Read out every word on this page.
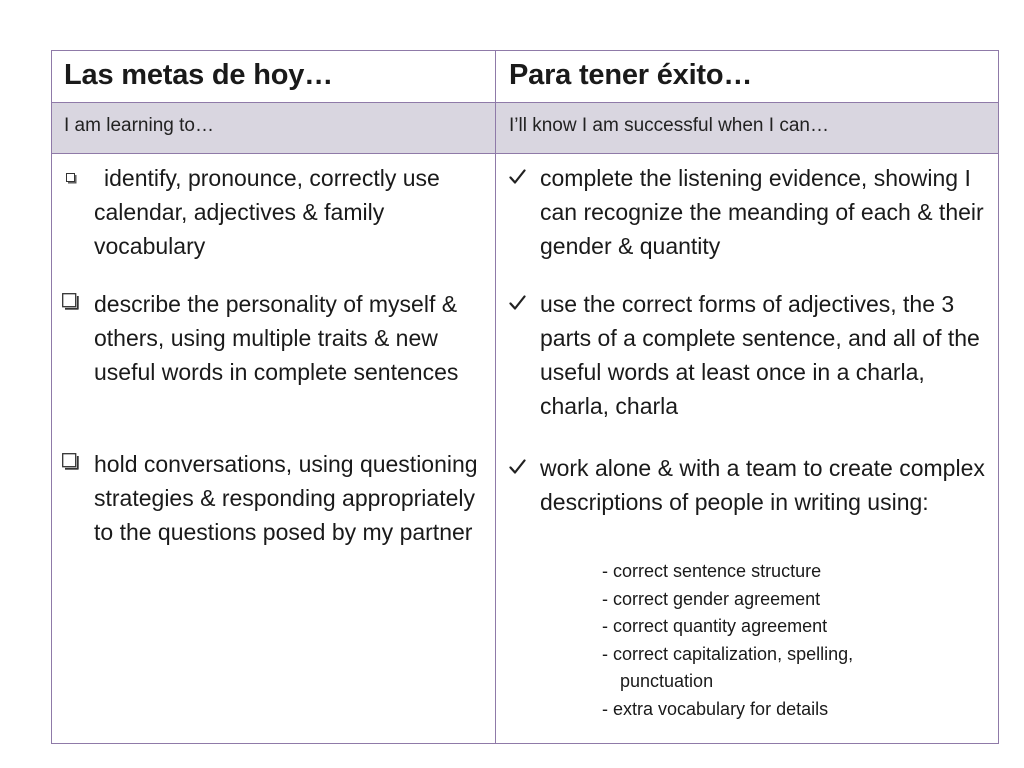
Las metas de hoy…	Para tener éxito…
I am learning to…	I’ll know I am successful when I can…
identify, pronounce, correctly use calendar, adjectives & family vocabulary
describe the personality of myself & others, using multiple traits & new useful words in complete sentences
hold conversations, using questioning strategies & responding appropriately to the questions posed by my partner
complete the listening evidence, showing I can recognize the meanding of each & their gender & quantity
use the correct forms of adjectives, the 3 parts of a complete sentence, and all of the useful words at least once in a charla, charla, charla
work alone & with a team to create complex descriptions of people in writing using:
- correct sentence structure
- correct gender agreement
- correct quantity agreement
- correct capitalization, spelling,
punctuation
- extra vocabulary for details
